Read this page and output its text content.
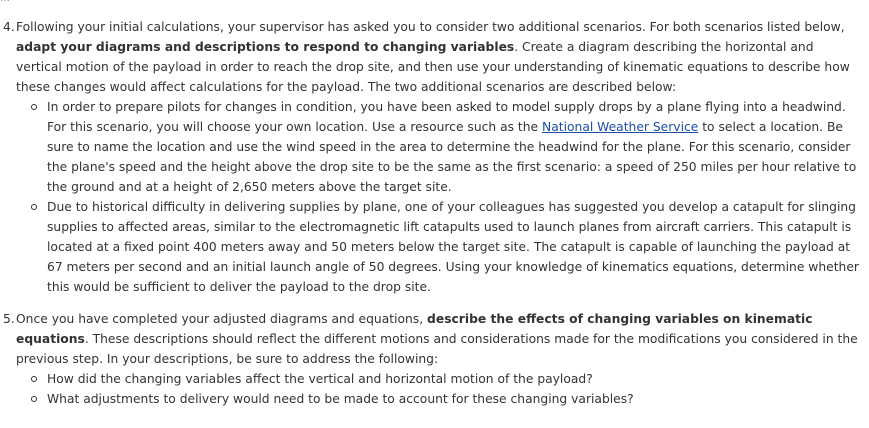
4. Following your initial calculations, your supervisor has asked you to consider two additional scenarios. For both scenarios listed below, adapt your diagrams and descriptions to respond to changing variables. Create a diagram describing the horizontal and vertical motion of the payload in order to reach the drop site, and then use your understanding of kinematic equations to describe how these changes would affect calculations for the payload. The two additional scenarios are described below:

In order to prepare pilots for changes in condition, you have been asked to model supply drops by a plane flying into a headwind. For this scenario, you will choose your own location. Use a resource such as the National Weather Service to select a location. Be sure to name the location and use the wind speed in the area to determine the headwind for the plane. For this scenario, consider the plane's speed and the height above the drop site to be the same as the first scenario: a speed of 250 miles per hour relative to the ground and at a height of 2,650 meters above the target site.
Due to historical difficulty in delivering supplies by plane, one of your colleagues has suggested you develop a catapult for slinging supplies to affected areas, similar to the electromagnetic lift catapults used to launch planes from aircraft carriers. This catapult is located at a fixed point 400 meters away and 50 meters below the target site. The catapult is capable of launching the payload at 67 meters per second and an initial launch angle of 50 degrees. Using your knowledge of kinematics equations, determine whether this would be sufficient to deliver the payload to the drop site.
5. Once you have completed your adjusted diagrams and equations, describe the effects of changing variables on kinematic equations. These descriptions should reflect the different motions and considerations made for the modifications you considered in the previous step. In your descriptions, be sure to address the following:

How did the changing variables affect the vertical and horizontal motion of the payload?
What adjustments to delivery would need to be made to account for these changing variables?
